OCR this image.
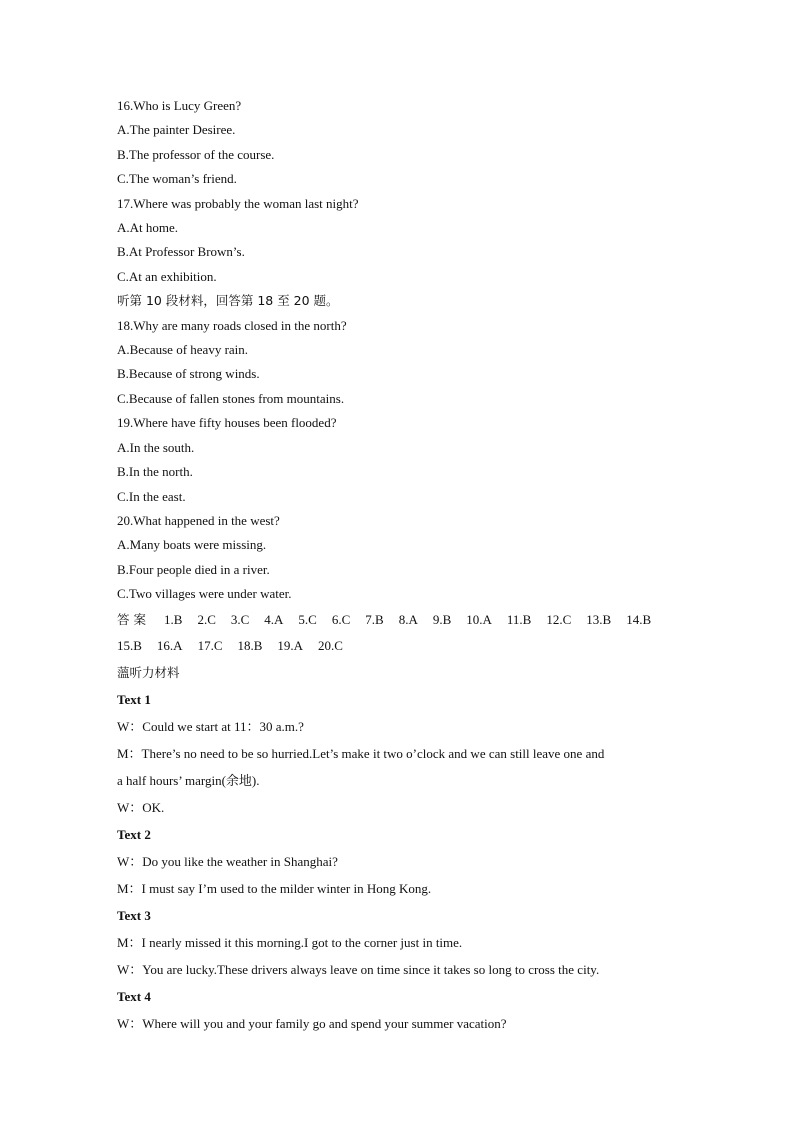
16.Who is Lucy Green?
A.The painter Desiree.
B.The professor of the course.
C.The woman’s friend.
17.Where was probably the woman last night?
A.At home.
B.At Professor Brown’s.
C.At an exhibition.
听第 10 段材料，回答第 18 至 20 题。
18.Why are many roads closed in the north?
A.Because of heavy rain.
B.Because of strong winds.
C.Because of fallen stones from mountains.
19.Where have fifty houses been flooded?
A.In the south.
B.In the north.
C.In the east.
20.What happened in the west?
A.Many boats were missing.
B.Four people died in a river.
C.Two villages were under water.
答案 1.B 2.C 3.C 4.A 5.C 6.C 7.B 8.A 9.B 10.A 11.B 12.C 13.B 14.B
15.B 16.A 17.C 18.B 19.A 20.C
薀听力材料
Text 1
W：Could we start at 11：30 a.m.?
M：There’s no need to be so hurried.Let’s make it two o’clock and we can still leave one and
a half hours’ margin(余地).
W：OK.
Text 2
W：Do you like the weather in Shanghai?
M：I must say I’m used to the milder winter in Hong Kong.
Text 3
M：I nearly missed it this morning.I got to the corner just in time.
W：You are lucky.These drivers always leave on time since it takes so long to cross the city.
Text 4
W：Where will you and your family go and spend your summer vacation?
